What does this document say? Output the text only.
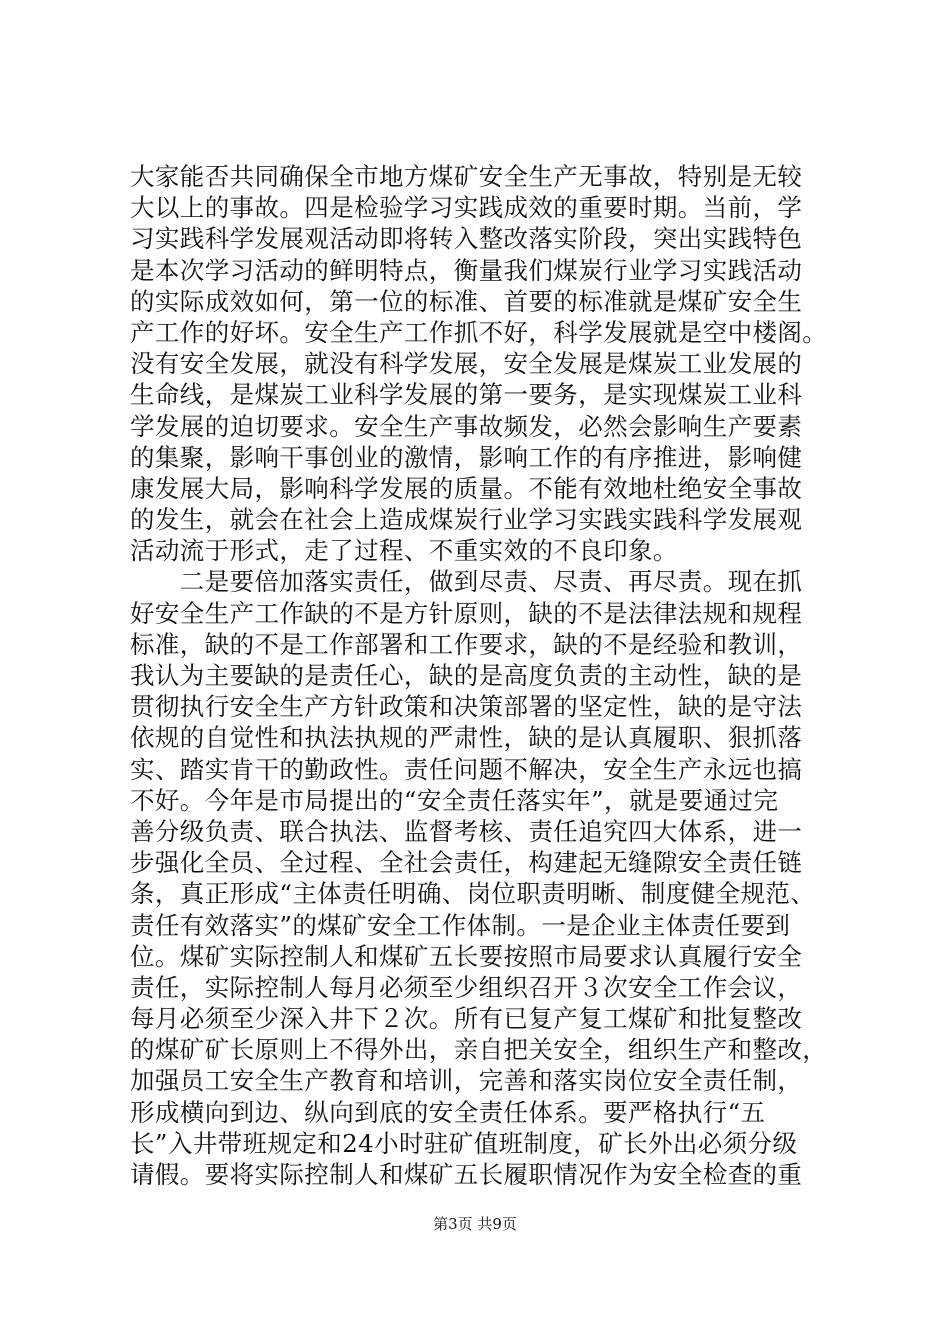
大家能否共同确保全市地方煤矿安全生产无事故，特别是无较
大以上的事故。四是检验学习实践成效的重要时期。当前，学
习实践科学发展观活动即将转入整改落实阶段，突出实践特色
是本次学习活动的鲜明特点，衡量我们煤炭行业学习实践活动
的实际成效如何，第一位的标准、首要的标准就是煤矿安全生
产工作的好坏。安全生产工作抓不好，科学发展就是空中楼阁。
没有安全发展，就没有科学发展，安全发展是煤炭工业发展的
生命线，是煤炭工业科学发展的第一要务，是实现煤炭工业科
学发展的迫切要求。安全生产事故频发，必然会影响生产要素
的集聚，影响干事创业的激情，影响工作的有序推进，影响健
康发展大局，影响科学发展的质量。不能有效地杜绝安全事故
的发生，就会在社会上造成煤炭行业学习实践实践科学发展观
活动流于形式，走了过程、不重实效的不良印象。
　　二是要倍加落实责任，做到尽责、尽责、再尽责。现在抓
好安全生产工作缺的不是方针原则，缺的不是法律法规和规程
标准，缺的不是工作部署和工作要求，缺的不是经验和教训，
我认为主要缺的是责任心，缺的是高度负责的主动性，缺的是
贯彻执行安全生产方针政策和决策部署的坚定性，缺的是守法
依规的自觉性和执法执规的严肃性，缺的是认真履职、狠抓落
实、踏实肯干的勤政性。责任问题不解决，安全生产永远也搞
不好。今年是市局提出的“安全责任落实年”，就是要通过完
善分级负责、联合执法、监督考核、责任追究四大体系，进一
步强化全员、全过程、全社会责任，构建起无缝隙安全责任链
条，真正形成“主体责任明确、岗位职责明晰、制度健全规范、
责任有效落实”的煤矿安全工作体制。一是企业主体责任要到
位。煤矿实际控制人和煤矿五长要按照市局要求认真履行安全
责任，实际控制人每月必须至少组织召开３次安全工作会议，
每月必须至少深入井下２次。所有已复产复工煤矿和批复整改
的煤矿矿长原则上不得外出，亲自把关安全，组织生产和整改，
加强员工安全生产教育和培训，完善和落实岗位安全责任制，
形成横向到边、纵向到底的安全责任体系。要严格执行“五
长”入井带班规定和24小时驻矿值班制度，矿长外出必须分级
请假。要将实际控制人和煤矿五长履职情况作为安全检查的重
第3页 共9页
